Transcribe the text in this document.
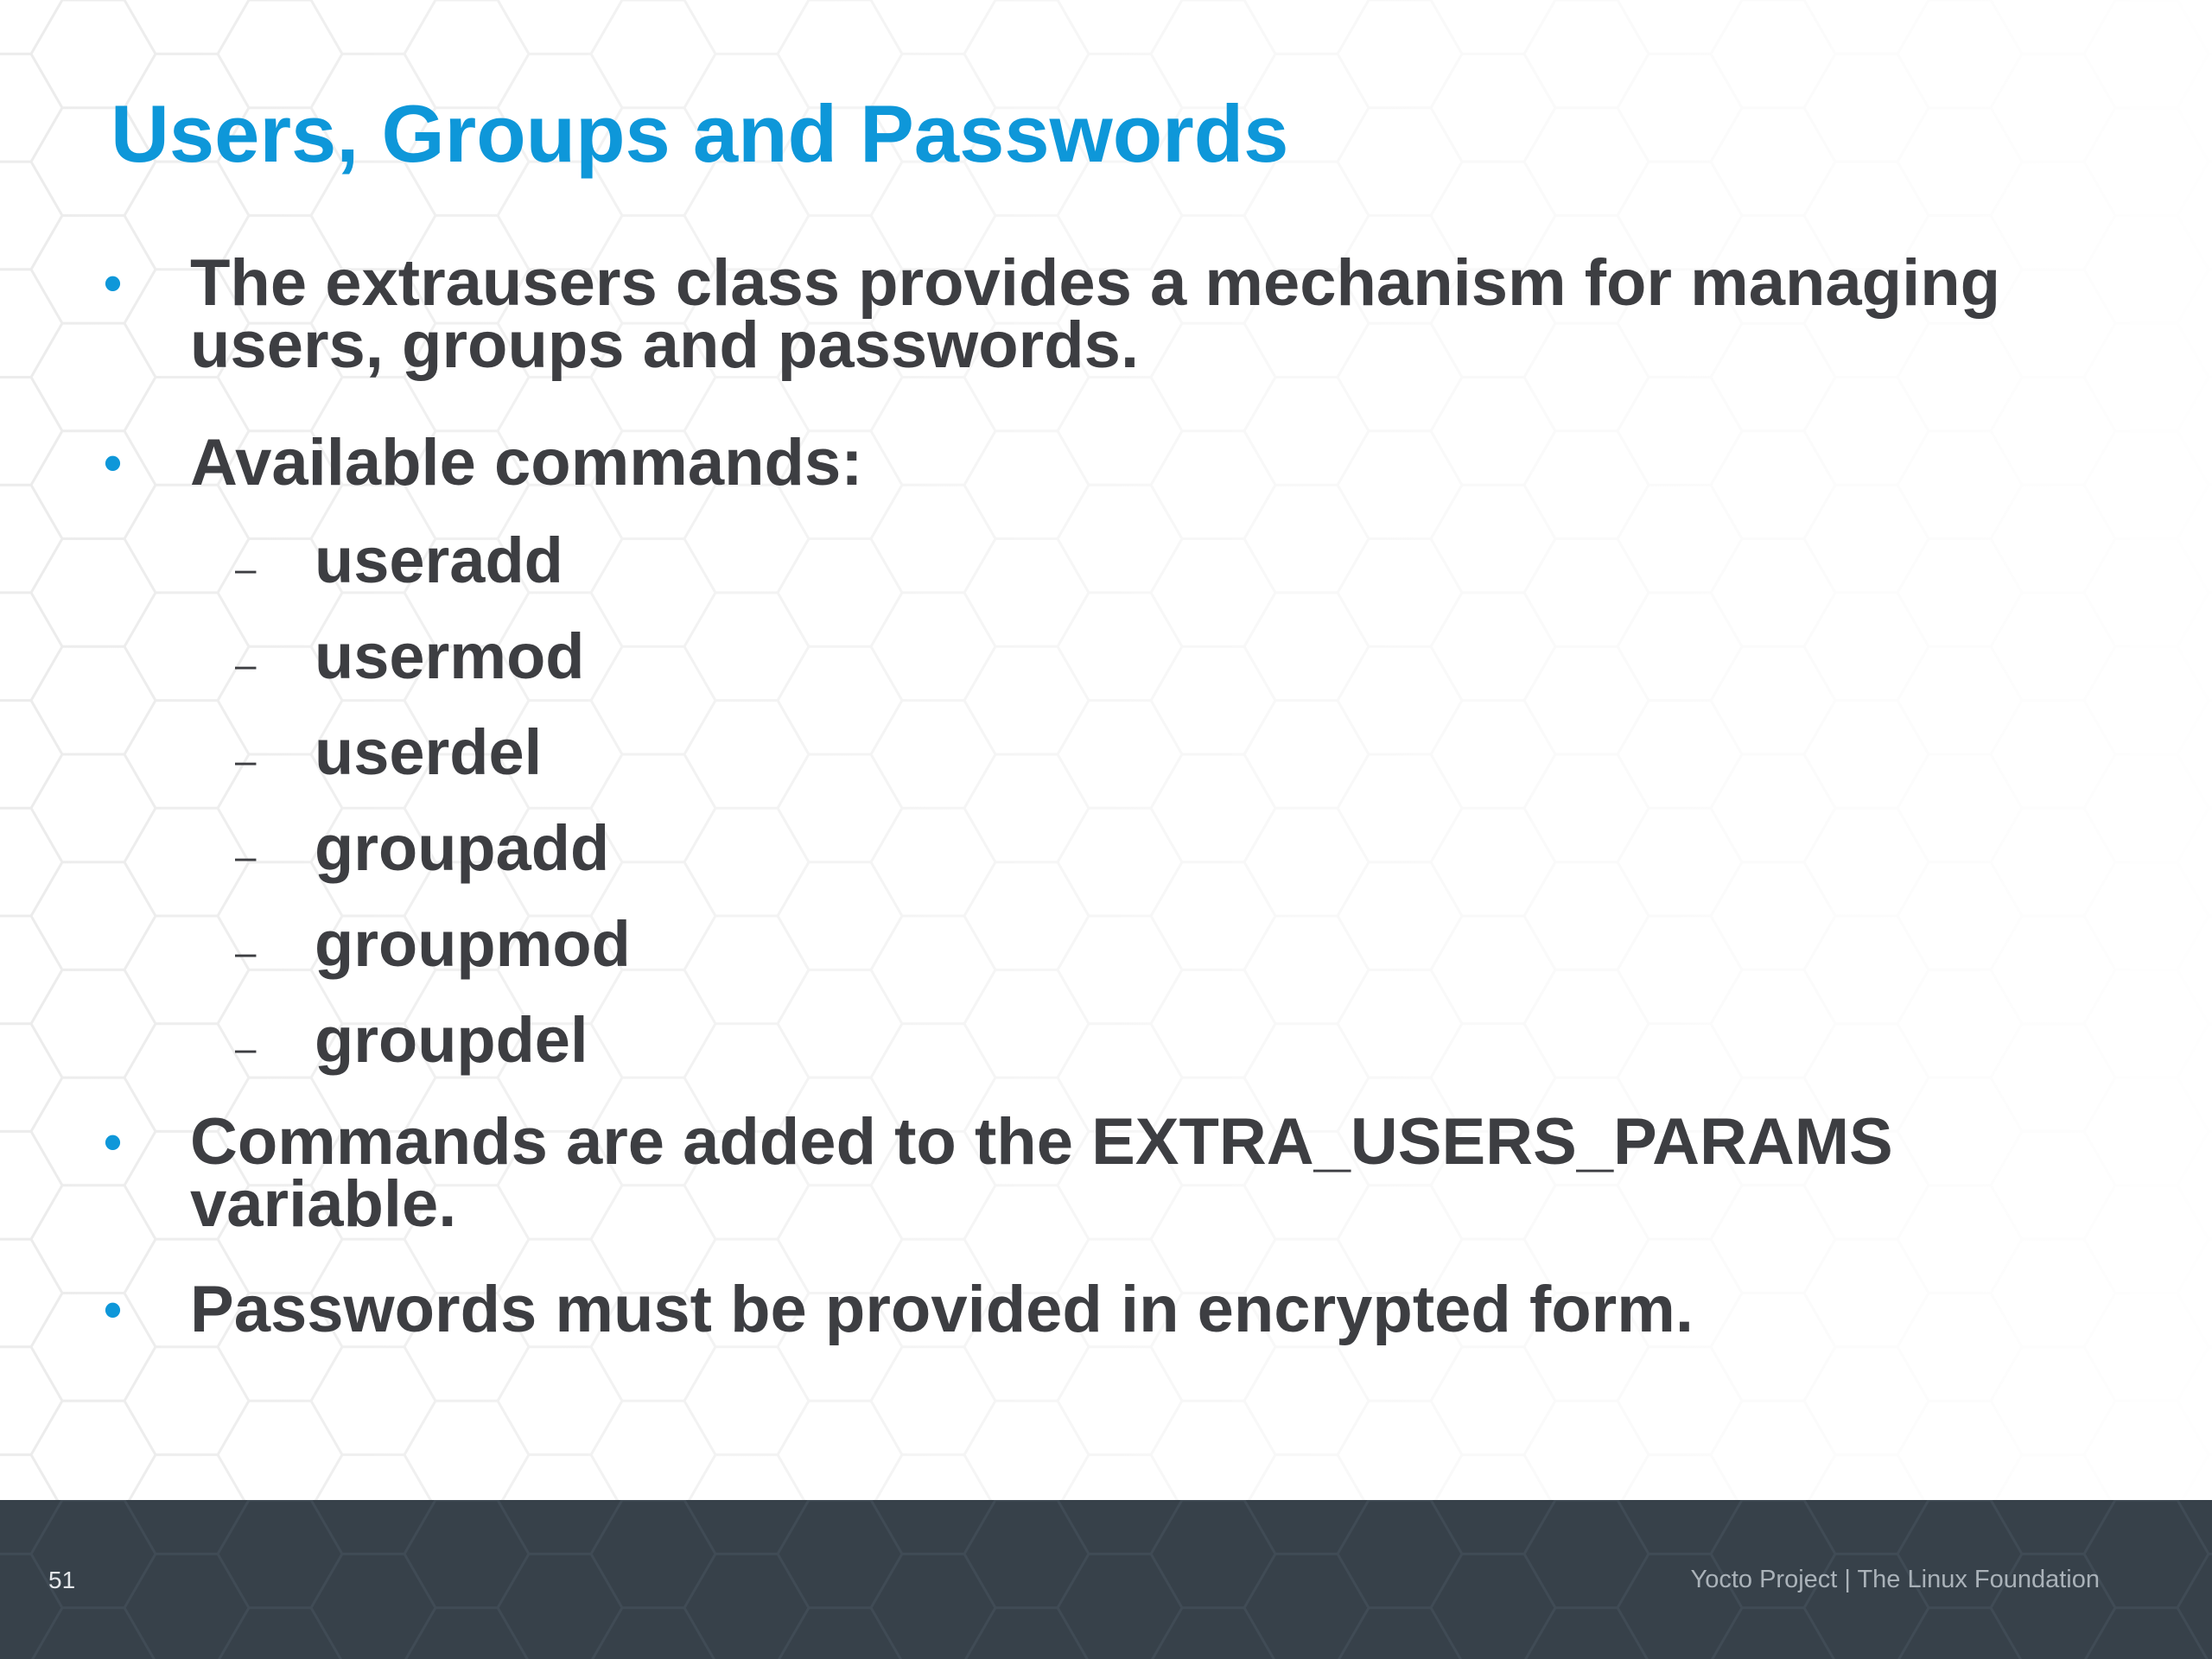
Users, Groups and Passwords
• The extrausers class provides a mechanism for managing
users, groups and passwords.
• Available commands:
– useradd
– usermod
– userdel
– groupadd
– groupmod
– groupdel
• Commands are added to the EXTRA_USERS_PARAMS
variable.
• Passwords must be provided in encrypted form.
51	Yocto Project | The Linux Foundation
